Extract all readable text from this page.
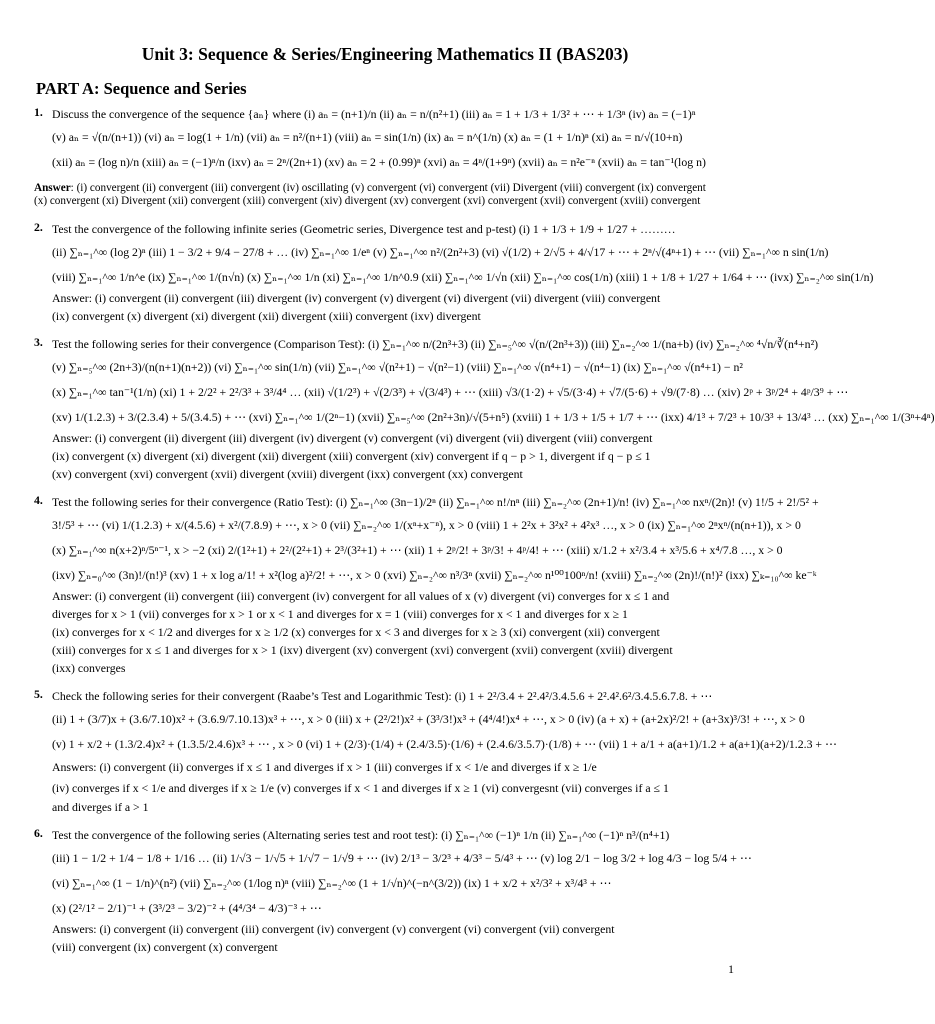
Unit 3: Sequence & Series/Engineering Mathematics II (BAS203)
PART A: Sequence and Series
1. Discuss the convergence of the sequence {aₙ} where (i) aₙ = (n+1)/n (ii) aₙ = n/(n²+1) (iii) aₙ = 1 + 1/3 + 1/3² + ⋯ + 1/3ⁿ (iv) aₙ = (−1)ⁿ
(v) aₙ = √(n/(n+1)) (vi) aₙ = log(1 + 1/n) (vii) aₙ = n²/(n+1) (viii) aₙ = sin(1/n) (ix) aₙ = n^(1/n) (x) aₙ = (1 + 1/n)ⁿ (xi) aₙ = n/√(10+n)
(xii) aₙ = (log n)/n (xiii) aₙ = (−1)ⁿ/n (ixv) aₙ = 2ⁿ/(2n+1) (xv) aₙ = 2 + (0.99)ⁿ (xvi) aₙ = 4ⁿ/(1+9ⁿ) (xvii) aₙ = n²e⁻ⁿ (xvii) aₙ = tan⁻¹(log n)
Answer: (i) convergent (ii) convergent (iii) convergent (iv) oscillating (v) convergent (vi) convergent (vii) Divergent (viii) convergent (ix) convergent
(x) convergent (xi) Divergent (xii) convergent (xiii) convergent (xiv) divergent (xv) convergent (xvi) convergent (xvii) convergent (xviii) convergent
2. Test the convergence of the following infinite series (Geometric series, Divergence test and p-test) (i) 1 + 1/3 + 1/9 + 1/27 + ………
(ii) ∑ₙ₌₁^∞ (log 2)ⁿ (iii) 1 − 3/2 + 9/4 − 27/8 + … (iv) ∑ₙ₌₁^∞ 1/eⁿ (v) ∑ₙ₌₁^∞ n²/(2n²+3) (vi) √(1/2) + 2/√5 + 4/√17 + ⋯ + 2ⁿ/√(4ⁿ+1) + ⋯ (vii) ∑ₙ₌₁^∞ n sin(1/n)
(viii) ∑ₙ₌₁^∞ 1/n^e (ix) ∑ₙ₌₁^∞ 1/(n√n) (x) ∑ₙ₌₁^∞ 1/n (xi) ∑ₙ₌₁^∞ 1/n^0.9 (xii) ∑ₙ₌₁^∞ 1/√n (xii) ∑ₙ₌₁^∞ cos(1/n) (xiii) 1 + 1/8 + 1/27 + 1/64 + ⋯ (ivx) ∑ₙ₌₂^∞ sin(1/n)
Answer: (i) convergent (ii) convergent (iii) divergent (iv) convergent (v) divergent (vi) divergent (vii) divergent (viii) convergent
(ix) convergent (x) divergent (xi) divergent (xii) divergent (xiii) convergent (ixv) divergent
3. Test the following series for their convergence (Comparison Test): (i) ∑ₙ₌₁^∞ n/(2n³+3) (ii) ∑ₙ₌₅^∞ √(n/(2n³+3)) (iii) ∑ₙ₌₂^∞ 1/(na+b) (iv) ∑ₙ₌₂^∞ ⁴√n/∛(n⁴+n²)
(v) ∑ₙ₌₅^∞ (2n+3)/(n(n+1)(n+2)) (vi) ∑ₙ₌₁^∞ sin(1/n) (vii) ∑ₙ₌₁^∞ √(n²+1) − √(n²−1) (viii) ∑ₙ₌₁^∞ √(n⁴+1) − √(n⁴−1) (ix) ∑ₙ₌₁^∞ √(n⁴+1) − n²
(x) ∑ₙ₌₁^∞ tan⁻¹(1/n) (xi) 1 + 2/2² + 2²/3³ + 3³/4⁴ … (xii) √(1/2³) + √(2/3³) + √(3/4³) + ⋯ (xiii) √3/(1·2) + √5/(3·4) + √7/(5·6) + √9/(7·8) … (xiv) 2ᵖ + 3ᵖ/2⁴ + 4ᵖ/3⁹ + ⋯
(xv) 1/(1.2.3) + 3/(2.3.4) + 5/(3.4.5) + ⋯ (xvi) ∑ₙ₌₁^∞ 1/(2ⁿ−1) (xvii) ∑ₙ₌₅^∞ (2n²+3n)/√(5+n⁵) (xviii) 1 + 1/3 + 1/5 + 1/7 + ⋯ (ixx) 4/1³ + 7/2³ + 10/3³ + 13/4³ … (xx) ∑ₙ₌₁^∞ 1/(3ⁿ+4ⁿ)
Answer: (i) convergent (ii) divergent (iii) divergent (iv) divergent (v) convergent (vi) divergent (vii) divergent (viii) convergent
(ix) convergent (x) divergent (xi) divergent (xii) divergent (xiii) convergent (xiv) convergent if q − p > 1, divergent if q − p ≤ 1
(xv) convergent (xvi) convergent (xvii) divergent (xviii) divergent (ixx) convergent (xx) convergent
4. Test the following series for their convergence (Ratio Test): (i) ∑ₙ₌₁^∞ (3n−1)/2ⁿ (ii) ∑ₙ₌₁^∞ n!/nⁿ (iii) ∑ₙ₌₂^∞ (2n+1)/n! (iv) ∑ₙ₌₁^∞ nxⁿ/(2n)! (v) 1!/5 + 2!/5² +
3!/5³ + ⋯ (vi) 1/(1.2.3) + x/(4.5.6) + x²/(7.8.9) + ⋯, x > 0 (vii) ∑ₙ₌₂^∞ 1/(xⁿ+x⁻ⁿ), x > 0 (viii) 1 + 2²x + 3²x² + 4²x³ …, x > 0 (ix) ∑ₙ₌₁^∞ 2ⁿxⁿ/(n(n+1)), x > 0
(x) ∑ₙ₌₁^∞ n(x+2)ⁿ/5ⁿ⁻¹, x > −2 (xi) 2/(1²+1) + 2²/(2²+1) + 2³/(3²+1) + ⋯ (xii) 1 + 2ᵖ/2! + 3ᵖ/3! + 4ᵖ/4! + ⋯ (xiii) x/1.2 + x²/3.4 + x³/5.6 + x⁴/7.8 …, x > 0
(ixv) ∑ₙ₌₀^∞ (3n)!/(n!)³ (xv) 1 + x log a/1! + x²(log a)²/2! + ⋯, x > 0 (xvi) ∑ₙ₌₂^∞ n³/3ⁿ (xvii) ∑ₙ₌₂^∞ n¹⁰⁰100ⁿ/n! (xviii) ∑ₙ₌₂^∞ (2n)!/(n!)² (ixx) ∑ₖ₌₁₀^∞ ke⁻ᵏ
Answer: (i) convergent (ii) convergent (iii) convergent (iv) convergent for all values of x (v) divergent (vi) converges for x ≤ 1 and
diverges for x > 1 (vii) converges for x > 1 or x < 1 and diverges for x = 1 (viii) converges for x < 1 and diverges for x ≥ 1
(ix) converges for x < 1/2 and diverges for x ≥ 1/2 (x) converges for x < 3 and diverges for x ≥ 3 (xi) convergent (xii) convergent
(xiii) converges for x ≤ 1 and diverges for x > 1 (ixv) divergent (xv) convergent (xvi) convergent (xvii) convergent (xviii) divergent
(ixx) converges
5. Check the following series for their convergent (Raabe’s Test and Logarithmic Test): (i) 1 + 2²/3.4 + 2².4²/3.4.5.6 + 2².4².6²/3.4.5.6.7.8. + ⋯
(ii) 1 + (3/7)x + (3.6/7.10)x² + (3.6.9/7.10.13)x³ + ⋯, x > 0 (iii) x + (2²/2!)x² + (3³/3!)x³ + (4⁴/4!)x⁴ + ⋯, x > 0 (iv) (a + x) + (a+2x)²/2! + (a+3x)³/3! + ⋯, x > 0
(v) 1 + x/2 + (1.3/2.4)x² + (1.3.5/2.4.6)x³ + ⋯ , x > 0 (vi) 1 + (2/3)·(1/4) + (2.4/3.5)·(1/6) + (2.4.6/3.5.7)·(1/8) + ⋯ (vii) 1 + a/1 + a(a+1)/1.2 + a(a+1)(a+2)/1.2.3 + ⋯
Answers: (i) convergent (ii) converges if x ≤ 1 and diverges if x > 1 (iii) converges if x < 1/e and diverges if x ≥ 1/e
(iv) converges if x < 1/e and diverges if x ≥ 1/e (v) converges if x < 1 and diverges if x ≥ 1 (vi) convergesnt (vii) converges if a ≤ 1
and diverges if a > 1
6. Test the convergence of the following series (Alternating series test and root test): (i) ∑ₙ₌₁^∞ (−1)ⁿ 1/n (ii) ∑ₙ₌₁^∞ (−1)ⁿ n³/(n⁴+1)
(iii) 1 − 1/2 + 1/4 − 1/8 + 1/16 … (ii) 1/√3 − 1/√5 + 1/√7 − 1/√9 + ⋯ (iv) 2/1³ − 3/2³ + 4/3³ − 5/4³ + ⋯ (v) log 2/1 − log 3/2 + log 4/3 − log 5/4 + ⋯
(vi) ∑ₙ₌₁^∞ (1 − 1/n)^(n²) (vii) ∑ₙ₌₂^∞ (1/log n)ⁿ (viii) ∑ₙ₌₂^∞ (1 + 1/√n)^(−n^(3/2)) (ix) 1 + x/2 + x²/3² + x³/4³ + ⋯
(x) (2²/1² − 2/1)⁻¹ + (3³/2³ − 3/2)⁻² + (4⁴/3⁴ − 4/3)⁻³ + ⋯
Answers: (i) convergent (ii) convergent (iii) convergent (iv) convergent (v) convergent (vi) convergent (vii) convergent
(viii) convergent (ix) convergent (x) convergent
1
